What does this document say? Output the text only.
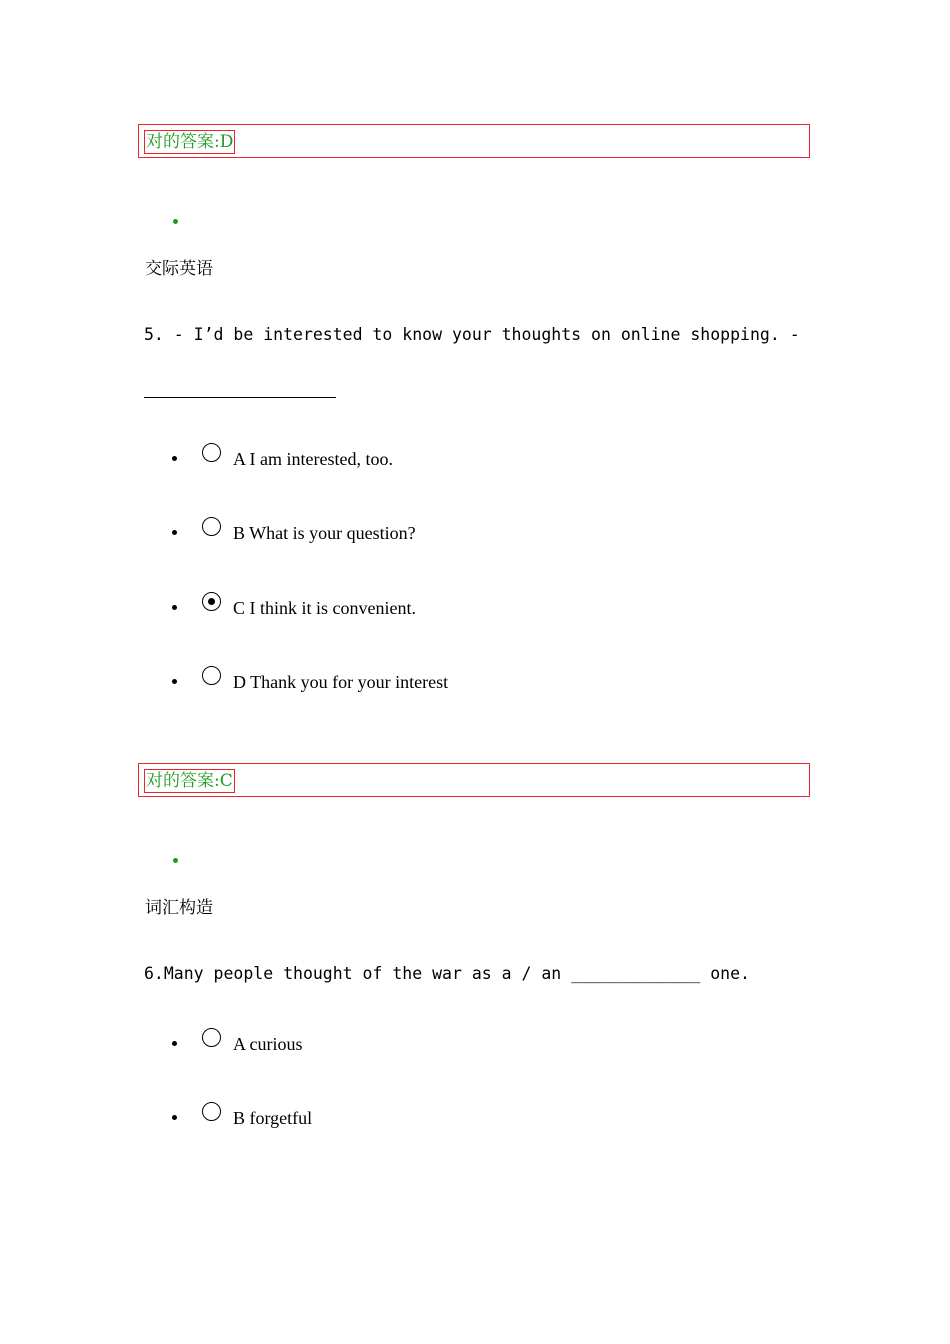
对的答案:D
交际英语
5. - I’d be interested to know your thoughts on online shopping. -
A I am interested, too.
B What is your question?
C I think it is convenient.
D Thank you for your interest
对的答案:C
词汇构造
6.Many people thought of the war as a / an _____________ one.
A curious
B forgetful
